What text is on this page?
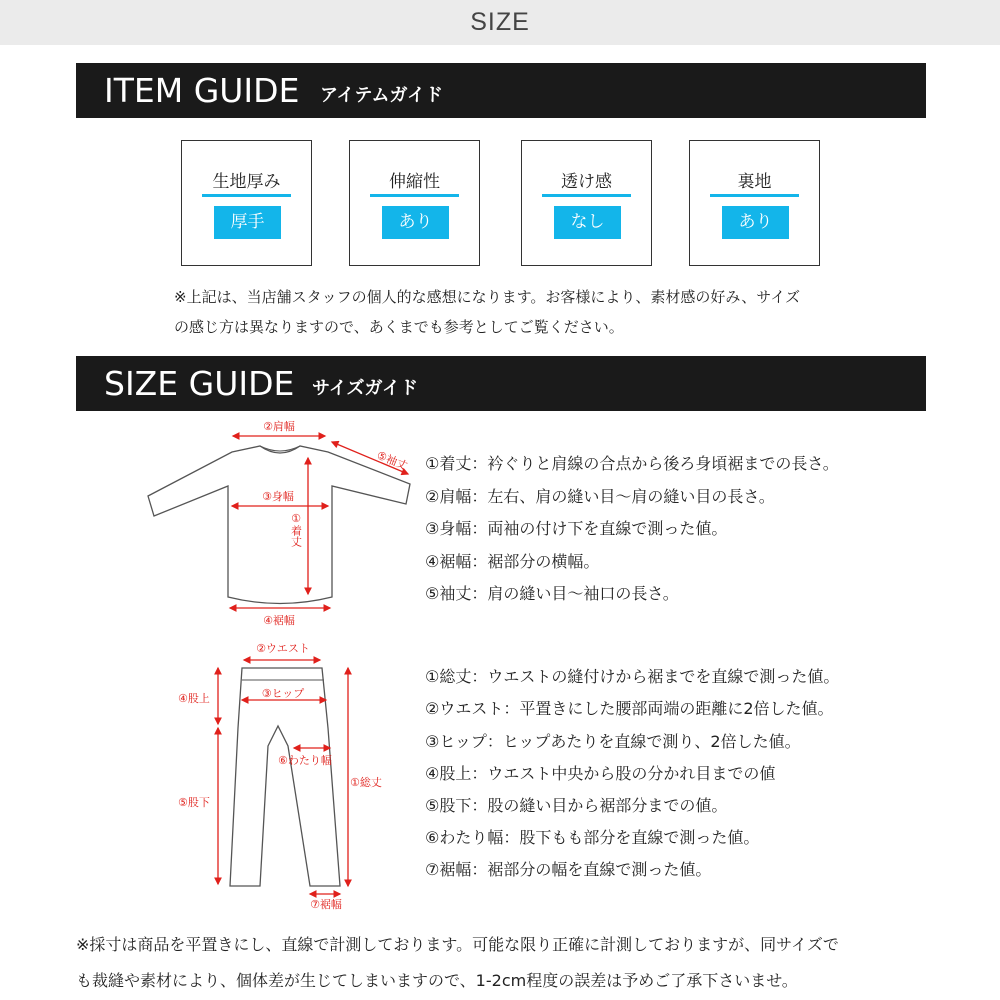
SIZE
ITEM GUIDE アイテムガイド
生地厚み
厚手
伸縮性
あり
透け感
なし
裏地
あり
※上記は、当店舗スタッフの個人的な感想になります。お客様により、素材感の好み、サイズ
の感じ方は異なりますので、あくまでも参考としてご覧ください。
SIZE GUIDE サイズガイド
②肩幅
⑤袖丈
③身幅
①
着丈
④裾幅
①着丈：衿ぐりと肩線の合点から後ろ身頃裾までの長さ。
②肩幅：左右、肩の縫い目〜肩の縫い目の長さ。
③身幅：両袖の付け下を直線で測った値。
④裾幅：裾部分の横幅。
⑤袖丈：肩の縫い目〜袖口の長さ。
②ウエスト
③ヒップ
④股上
⑥わたり幅
①総丈
⑤股下
⑦裾幅
①総丈：ウエストの縫付けから裾までを直線で測った値。
②ウエスト：平置きにした腰部両端の距離に2倍した値。
③ヒップ：ヒップあたりを直線で測り、2倍した値。
④股上：ウエスト中央から股の分かれ目までの値
⑤股下：股の縫い目から裾部分までの値。
⑥わたり幅：股下もも部分を直線で測った値。
⑦裾幅：裾部分の幅を直線で測った値。
※採寸は商品を平置きにし、直線で計測しております。可能な限り正確に計測しておりますが、同サイズで
も裁縫や素材により、個体差が生じてしまいますので、1-2cm程度の誤差は予めご了承下さいませ。
